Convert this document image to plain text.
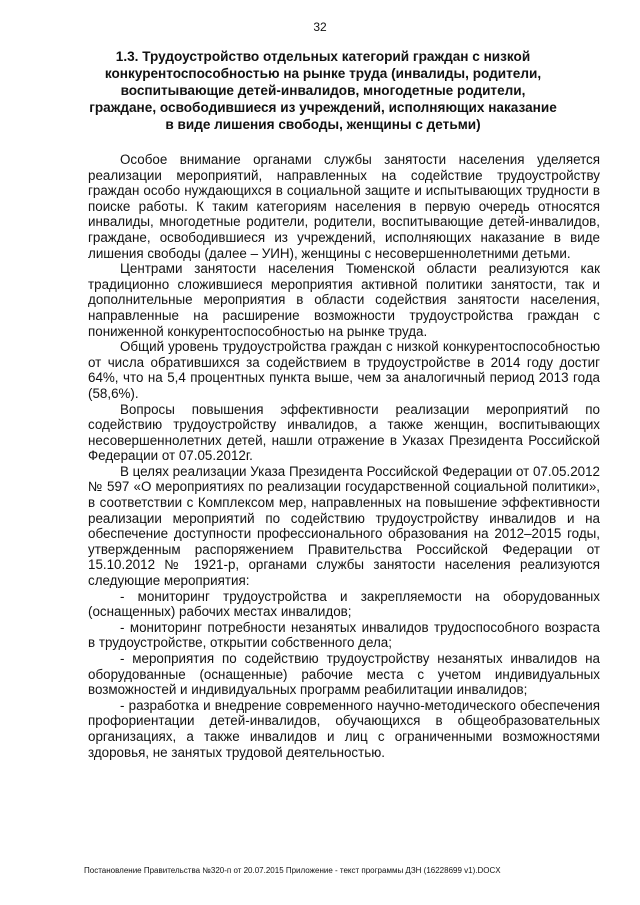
32
1.3. Трудоустройство отдельных категорий граждан с низкой конкурентоспособностью на рынке труда (инвалиды, родители, воспитывающие детей-инвалидов, многодетные родители, граждане, освободившиеся из учреждений, исполняющих наказание в виде лишения свободы, женщины с детьми)

Особое внимание органами службы занятости населения уделяется реализации мероприятий, направленных на содействие трудоустройству граждан особо нуждающихся в социальной защите и испытывающих трудности в поиске работы. К таким категориям населения в первую очередь относятся инвалиды, многодетные родители, родители, воспитывающие детей-инвалидов, граждане, освободившиеся из учреждений, исполняющих наказание в виде лишения свободы (далее – УИН), женщины с несовершеннолетними детьми.

Центрами занятости населения Тюменской области реализуются как традиционно сложившиеся мероприятия активной политики занятости, так и дополнительные мероприятия в области содействия занятости населения, направленные на расширение возможности трудоустройства граждан с пониженной конкурентоспособностью на рынке труда.

Общий уровень трудоустройства граждан с низкой конкурентоспособностью от числа обратившихся за содействием в трудоустройстве в 2014 году достиг 64%, что на 5,4 процентных пункта выше, чем за аналогичный период 2013 года (58,6%).

Вопросы повышения эффективности реализации мероприятий по содействию трудоустройству инвалидов, а также женщин, воспитывающих несовершеннолетних детей, нашли отражение в Указах Президента Российской Федерации от 07.05.2012г.

В целях реализации Указа Президента Российской Федерации от 07.05.2012 № 597 «О мероприятиях по реализации государственной социальной политики», в соответствии с Комплексом мер, направленных на повышение эффективности реализации мероприятий по содействию трудоустройству инвалидов и на обеспечение доступности профессионального образования на 2012–2015 годы, утвержденным распоряжением Правительства Российской Федерации от 15.10.2012 № 1921-р, органами службы занятости населения реализуются следующие мероприятия:

- мониторинг трудоустройства и закрепляемости на оборудованных (оснащенных) рабочих местах инвалидов;

- мониторинг потребности незанятых инвалидов трудоспособного возраста в трудоустройстве, открытии собственного дела;

- мероприятия по содействию трудоустройству незанятых инвалидов на оборудованные (оснащенные) рабочие места с учетом индивидуальных возможностей и индивидуальных программ реабилитации инвалидов;

- разработка и внедрение современного научно-методического обеспечения профориентации детей-инвалидов, обучающихся в общеобразовательных организациях, а также инвалидов и лиц с ограниченными возможностями здоровья, не занятых трудовой деятельностью.

Постановление Правительства №320-п от 20.07.2015 Приложение - текст программы ДЗН (16228699 v1).DOCX
